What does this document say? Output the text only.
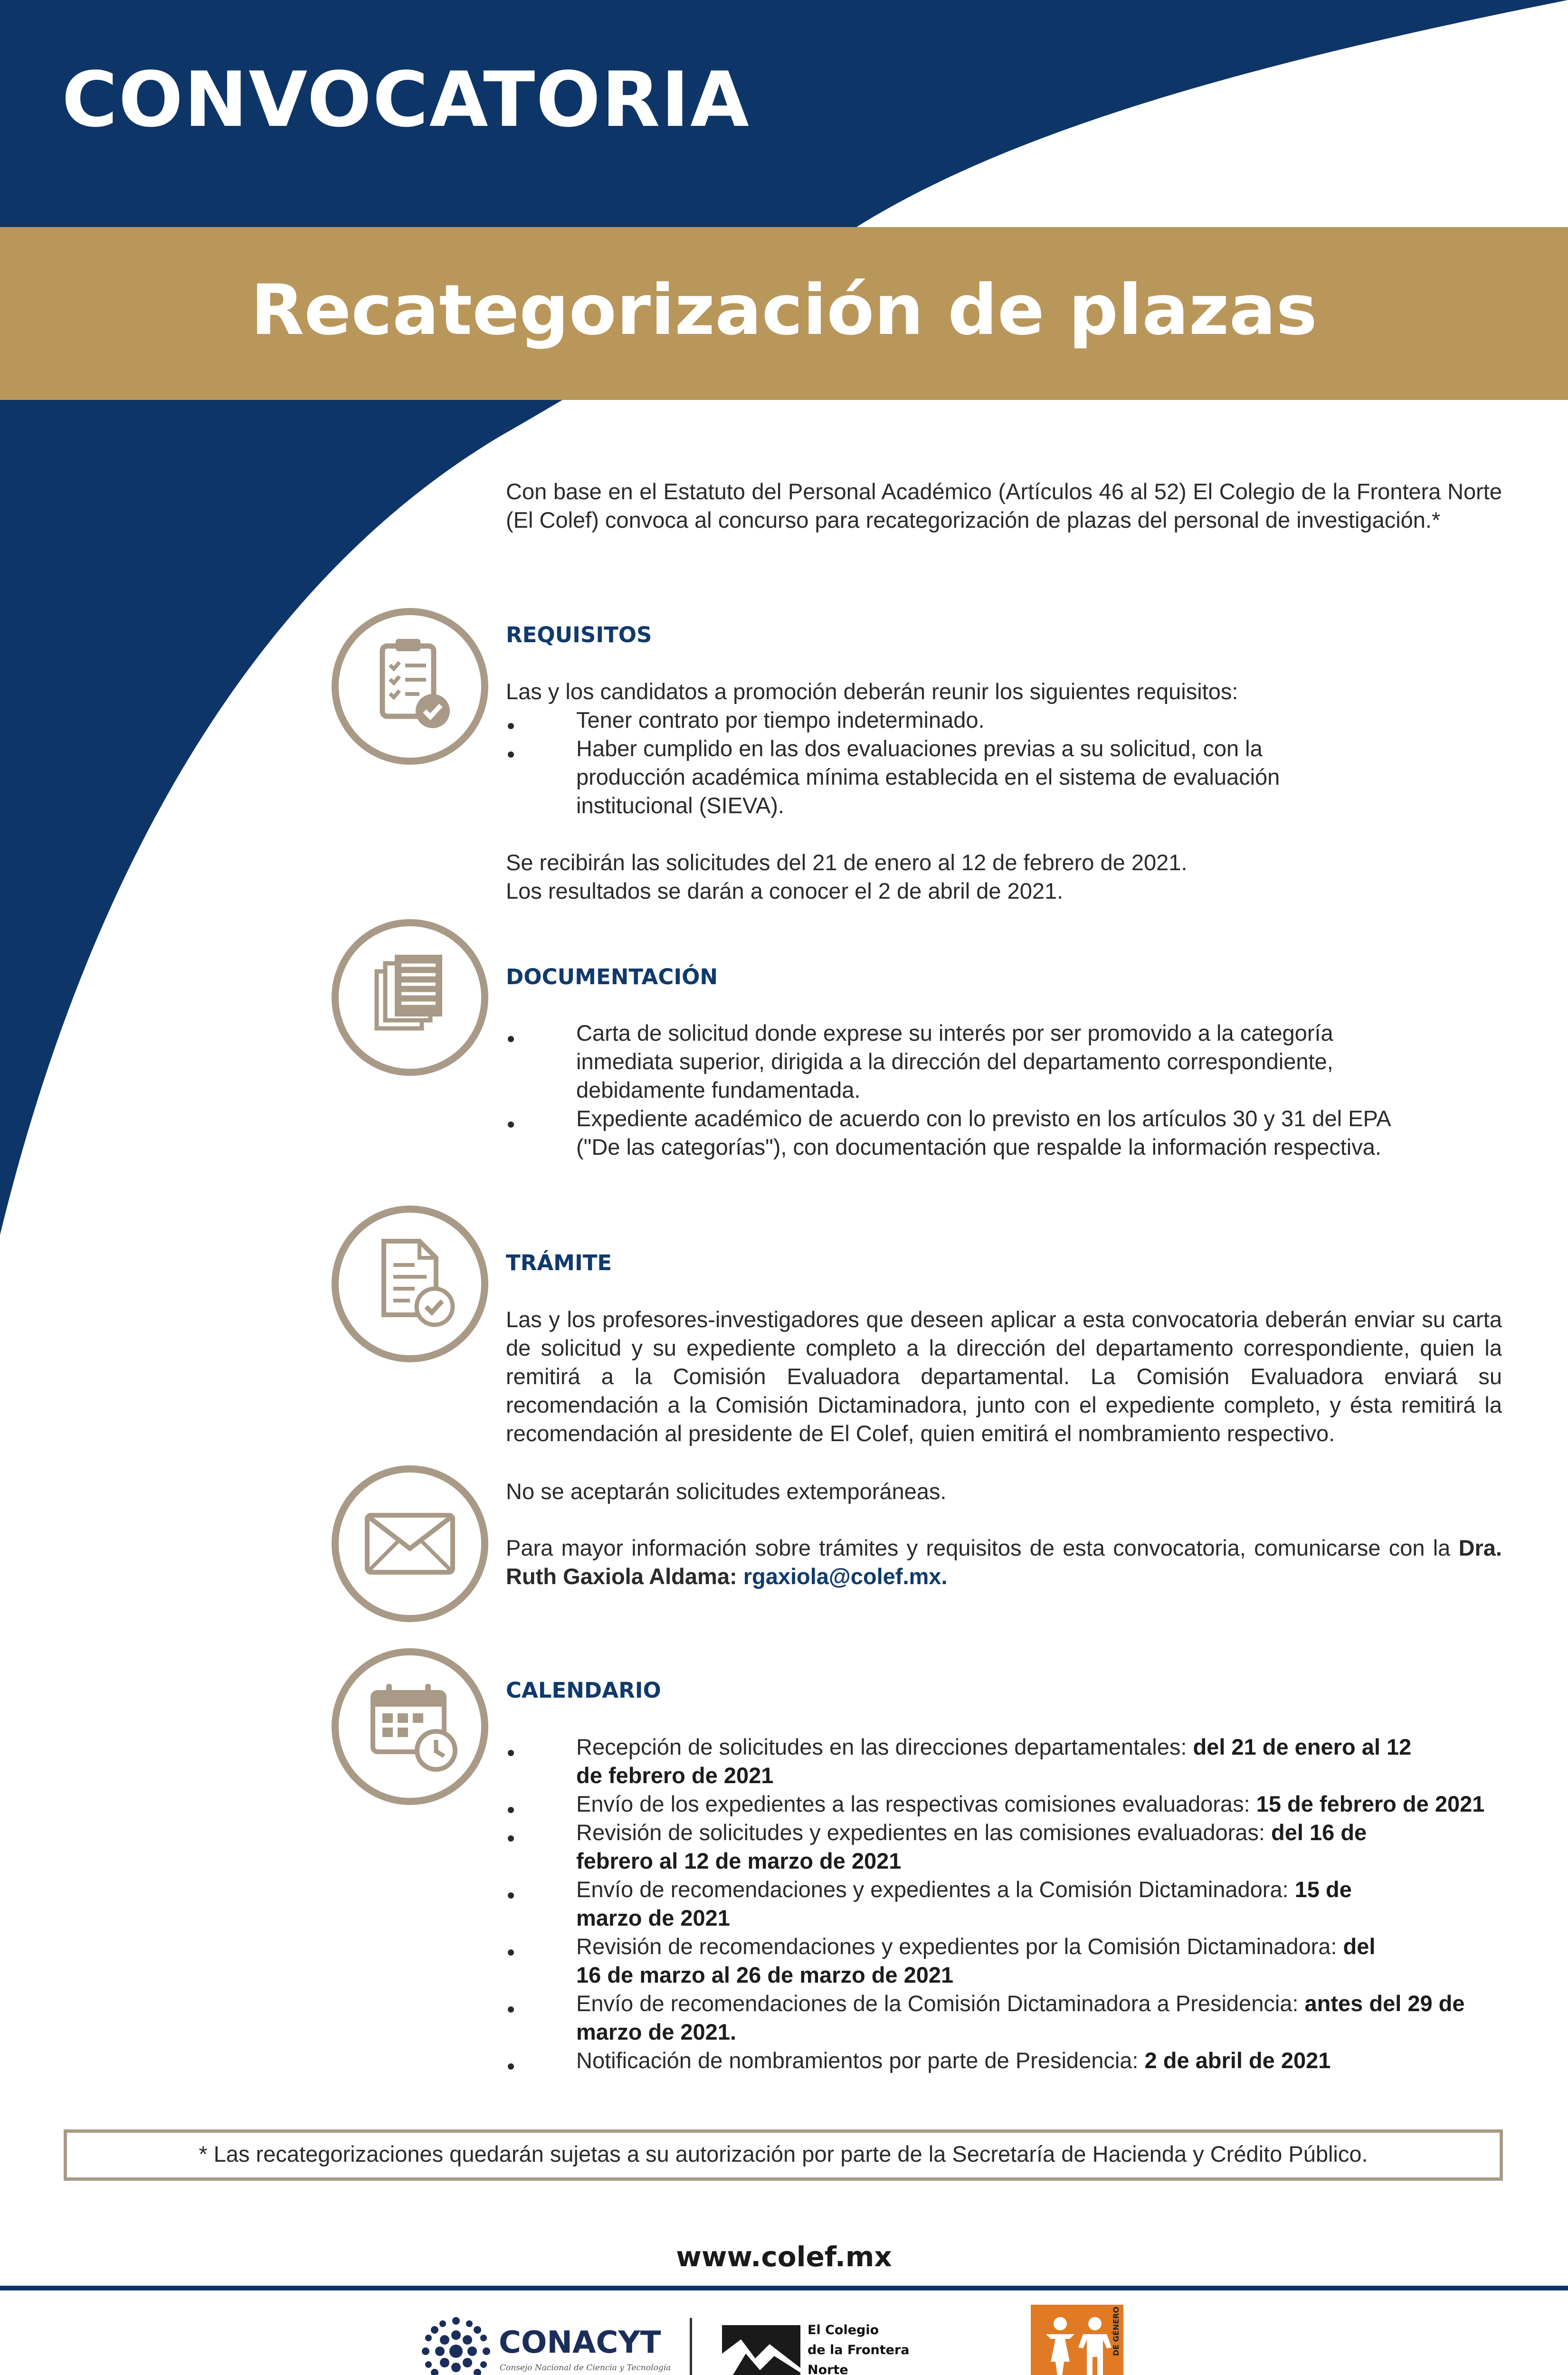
CONVOCATORIA
Recategorización de plazas

Con base en el Estatuto del Personal Académico (Artículos 46 al 52) El Colegio de la Frontera Norte (El Colef) convoca al concurso para recategorización de plazas del personal de investigación.*

REQUISITOS

Las y los candidatos a promoción deberán reunir los siguientes requisitos:

Tener contrato por tiempo indeterminado.
Haber cumplido en las dos evaluaciones previas a su solicitud, con la producción académica mínima establecida en el sistema de evaluación institucional (SIEVA).

Se recibirán las solicitudes del 21 de enero al 12 de febrero de 2021.

Los resultados se darán a conocer el 2 de abril de 2021.

DOCUMENTACIÓN
Carta de solicitud donde exprese su interés por ser promovido a la categoría inmediata superior, dirigida a la dirección del departamento correspondiente, debidamente fundamentada.
Expediente académico de acuerdo con lo previsto en los artículos 30 y 31 del EPA ("De las categorías"), con documentación que respalde la información respectiva.
TRÁMITE

Las y los profesores-investigadores que deseen aplicar a esta convocatoria deberán enviar su carta de solicitud y su expediente completo a la dirección del departamento correspondiente, quien la remitirá a la Comisión Evaluadora departamental. La Comisión Evaluadora enviará su recomendación a la Comisión Dictaminadora, junto con el expediente completo, y ésta remitirá la recomendación al presidente de El Colef, quien emitirá el nombramiento respectivo.

No se aceptarán solicitudes extemporáneas.

Para mayor información sobre trámites y requisitos de esta convocatoria, comunicarse con la Dra. Ruth Gaxiola Aldama: rgaxiola@colef.mx.

CALENDARIO
Recepción de solicitudes en las direcciones departamentales: del 21 de enero al 12 de febrero de 2021
Envío de los expedientes a las respectivas comisiones evaluadoras: 15 de febrero de 2021
Revisión de solicitudes y expedientes en las comisiones evaluadoras: del 16 de febrero al 12 de marzo de 2021
Envío de recomendaciones y expedientes a la Comisión Dictaminadora: 15 de marzo de 2021
Revisión de recomendaciones y expedientes por la Comisión Dictaminadora: del 16 de marzo al 26 de marzo de 2021
Envío de recomendaciones de la Comisión Dictaminadora a Presidencia: antes del 29 de marzo de 2021.
Notificación de nombramientos por parte de Presidencia: 2 de abril de 2021
* Las recategorizaciones quedarán sujetas a su autorización por parte de la Secretaría de Hacienda y Crédito Público.
www.colef.mx
CONACYT
Consejo Nacional de Ciencia y Tecnología
El Colegio
de la Frontera
Norte
DE GÉNERO
